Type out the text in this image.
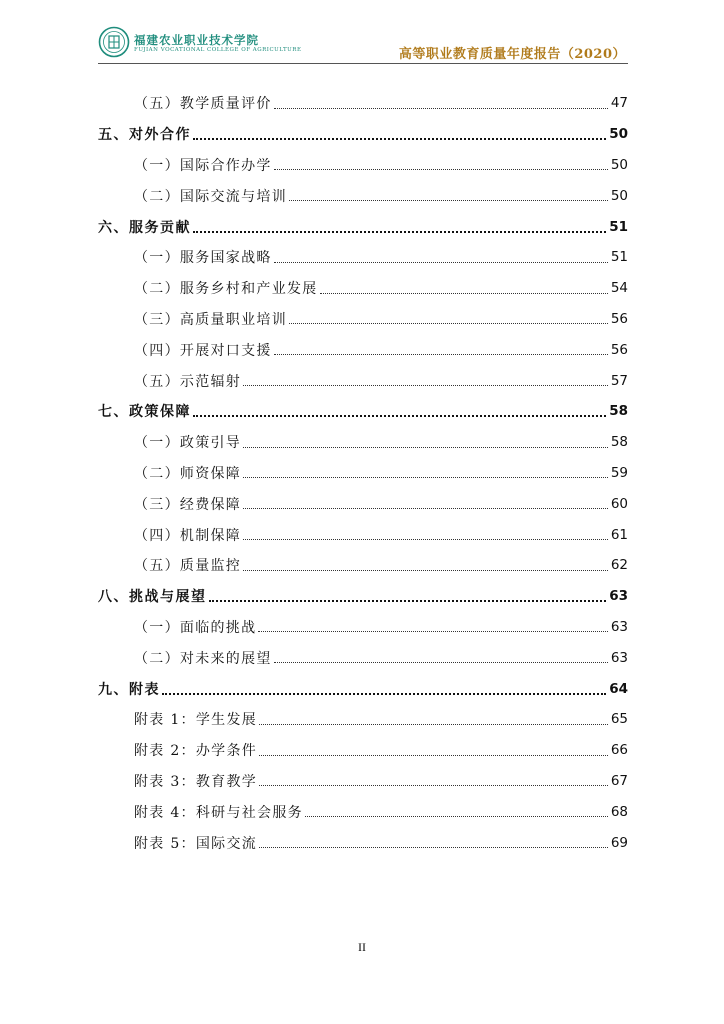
福建农业职业技术学院
FUJIAN VOCATIONAL COLLEGE OF AGRICULTURE	高等职业教育质量年度报告（2020）
（五）教学质量评价	47
五、对外合作	50
（一）国际合作办学	50
（二）国际交流与培训	50
六、服务贡献	51
（一）服务国家战略	51
（二）服务乡村和产业发展	54
（三）高质量职业培训	56
（四）开展对口支援	56
（五）示范辐射	57
七、政策保障	58
（一）政策引导	58
（二）师资保障	59
（三）经费保障	60
（四）机制保障	61
（五）质量监控	62
八、挑战与展望	63
（一）面临的挑战	63
（二）对未来的展望	63
九、附表	64
附表 1：学生发展	65
附表 2：办学条件	66
附表 3：教育教学	67
附表 4：科研与社会服务	68
附表 5：国际交流	69
II
